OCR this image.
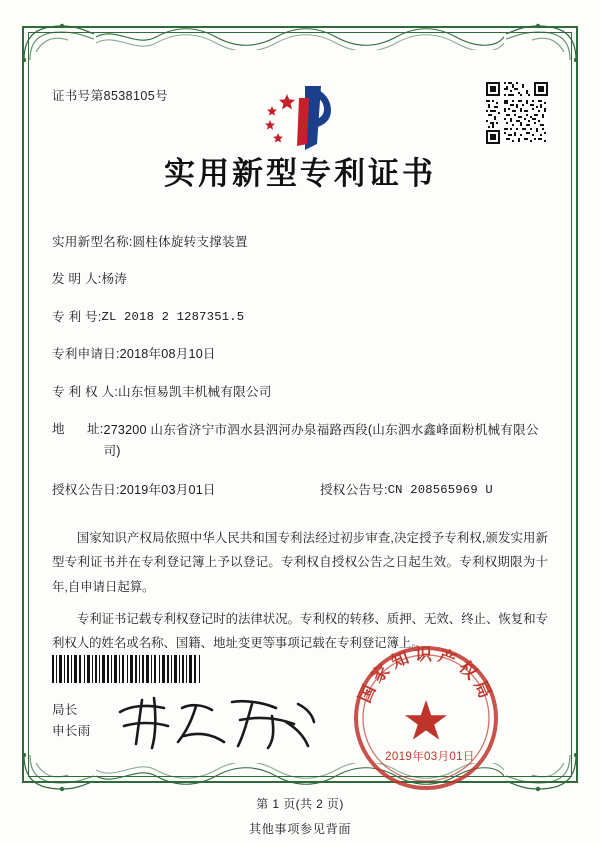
证书号第8538105号
实用新型专利证书
实用新型名称: 圆柱体旋转支撑装置
发 明 人: 杨涛
专 利 号: ZL 2018 2 1287351.5
专利申请日: 2018年08月10日
专 利 权 人: 山东恒易凯丰机械有限公司
地      址: 273200 山东省济宁市泗水县泗河办泉福路西段(山东泗水鑫峰面粉机械有限公司)
授权公告日: 2019年03月01日	授权公告号: CN 208565969 U
国家知识产权局依照中华人民共和国专利法经过初步审查,决定授予专利权,颁发实用新型专利证书并在专利登记簿上予以登记。专利权自授权公告之日起生效。专利权期限为十年,自申请日起算。
专利证书记载专利权登记时的法律状况。专利权的转移、质押、无效、终止、恢复和专利权人的姓名或名称、国籍、地址变更等事项记载在专利登记簿上。
局长
申长雨
国家知识产权局
2019年03月01日
第 1 页(共 2 页)
其他事项参见背面
